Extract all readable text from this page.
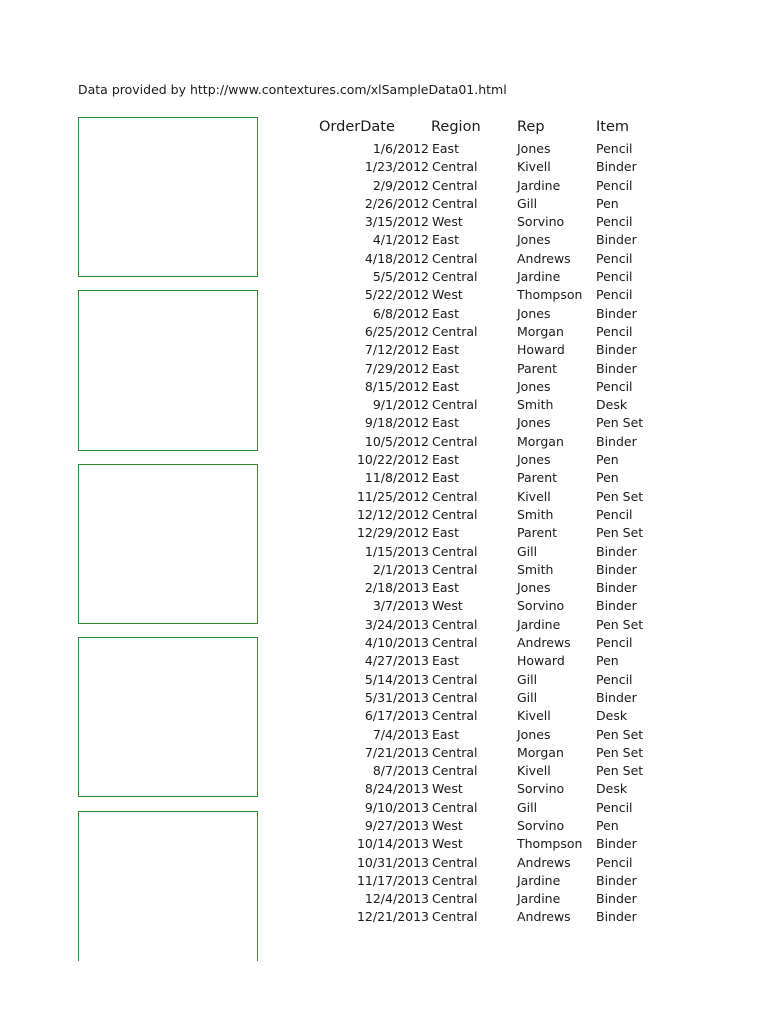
Data provided by http://www.contextures.com/xlSampleData01.html
OrderDate Region	Rep	Item
1/6/2012 East	Jones	Pencil
1/23/2012 Central	Kivell	Binder
2/9/2012 Central	Jardine	Pencil
2/26/2012 Central	Gill	Pen
3/15/2012 West	Sorvino	Pencil
4/1/2012 East	Jones	Binder
4/18/2012 Central	Andrews Pencil
5/5/2012 Central	Jardine	Pencil
5/22/2012 West	Thompson Pencil
6/8/2012 East	Jones	Binder
6/25/2012 Central	Morgan	Pencil
7/12/2012 East	Howard Binder
7/29/2012 East	Parent	Binder
8/15/2012 East	Jones	Pencil
9/1/2012 Central	Smith	Desk
9/18/2012 East	Jones	Pen Set
10/5/2012 Central	Morgan	Binder
10/22/2012 East	Jones	Pen
11/8/2012 East	Parent	Pen
11/25/2012 Central	Kivell	Pen Set
12/12/2012 Central	Smith	Pencil
12/29/2012 East	Parent	Pen Set
1/15/2013 Central	Gill	Binder
2/1/2013 Central	Smith	Binder
2/18/2013 East	Jones	Binder
3/7/2013 West	Sorvino	Binder
3/24/2013 Central	Jardine	Pen Set
4/10/2013 Central	Andrews Pencil
4/27/2013 East	Howard Pen
5/14/2013 Central	Gill	Pencil
5/31/2013 Central	Gill	Binder
6/17/2013 Central	Kivell	Desk
7/4/2013 East	Jones	Pen Set
7/21/2013 Central	Morgan	Pen Set
8/7/2013 Central	Kivell	Pen Set
8/24/2013 West	Sorvino	Desk
9/10/2013 Central	Gill	Pencil
9/27/2013 West	Sorvino	Pen
10/14/2013 West	Thompson Binder
10/31/2013 Central	Andrews Pencil
11/17/2013 Central	Jardine	Binder
12/4/2013 Central	Jardine	Binder
12/21/2013 Central	Andrews Binder
